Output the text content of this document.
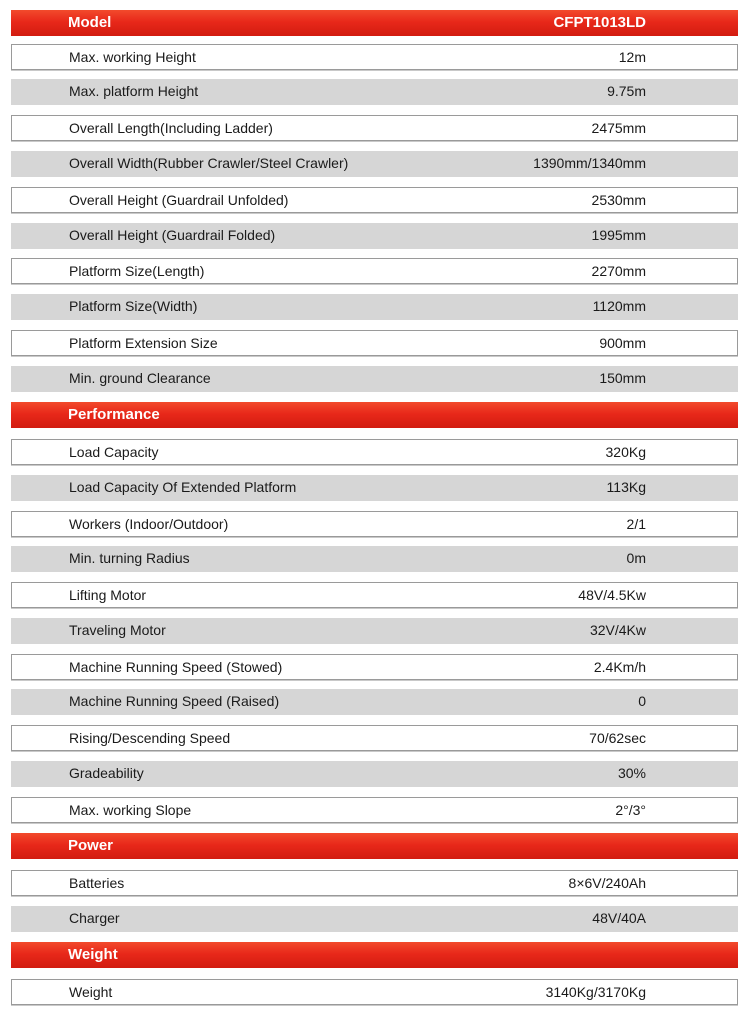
Model	CFPT1013LD
Max. working Height	12m
Max. platform Height	9.75m
Overall Length(Including Ladder)	2475mm
Overall Width(Rubber Crawler/Steel Crawler)	1390mm/1340mm
Overall Height (Guardrail Unfolded)	2530mm
Overall Height (Guardrail Folded)	1995mm
Platform Size(Length)	2270mm
Platform Size(Width)	1120mm
Platform Extension Size	900mm
Min. ground Clearance	150mm
Performance
Load Capacity	320Kg
Load Capacity Of Extended Platform	113Kg
Workers (Indoor/Outdoor)	2/1
Min. turning Radius	0m
Lifting Motor	48V/4.5Kw
Traveling Motor	32V/4Kw
Machine Running Speed (Stowed)	2.4Km/h
Machine Running Speed (Raised)	0
Rising/Descending Speed	70/62sec
Gradeability	30%
Max. working Slope	2°/3°
Power
Batteries	8×6V/240Ah
Charger	48V/40A
Weight
Weight	3140Kg/3170Kg
